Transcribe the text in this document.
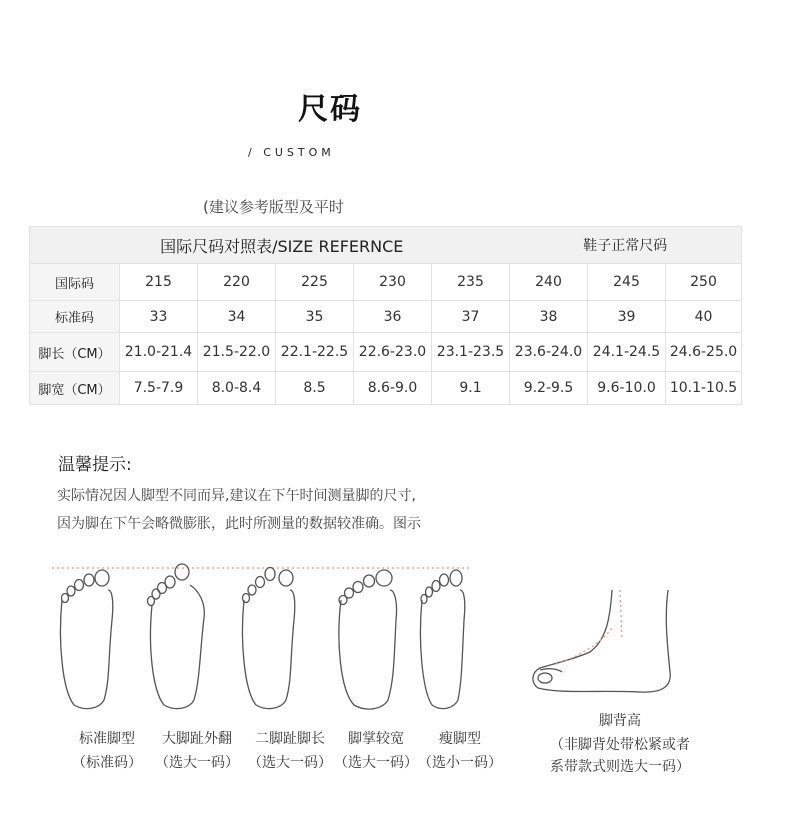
尺码
/ CUSTOM
(建议参考版型及平时
国际尺码对照表/SIZE REFERNCE						鞋子正常尺码		
国际码	215	220	225	230	235	240	245	250
标准码	33	34	35	36	37	38	39	40
脚长（CM）	21.0-21.4	21.5-22.0	22.1-22.5	22.6-23.0	23.1-23.5	23.6-24.0	24.1-24.5	24.6-25.0
脚宽（CM）	7.5-7.9	8.0-8.4	8.5	8.6-9.0	9.1	9.2-9.5	9.6-10.0	10.1-10.5
温馨提示:
实际情况因人脚型不同而异,建议在下午时间测量脚的尺寸,
因为脚在下午会略微膨胀，此时所测量的数据较准确。图示
标准脚型
（标准码）
大脚趾外翻
（选大一码）
二脚趾脚长
（选大一码）
脚掌较宽
（选大一码）
瘦脚型
（选小一码）
脚背高
（非脚背处带松紧或者
系带款式则选大一码）
